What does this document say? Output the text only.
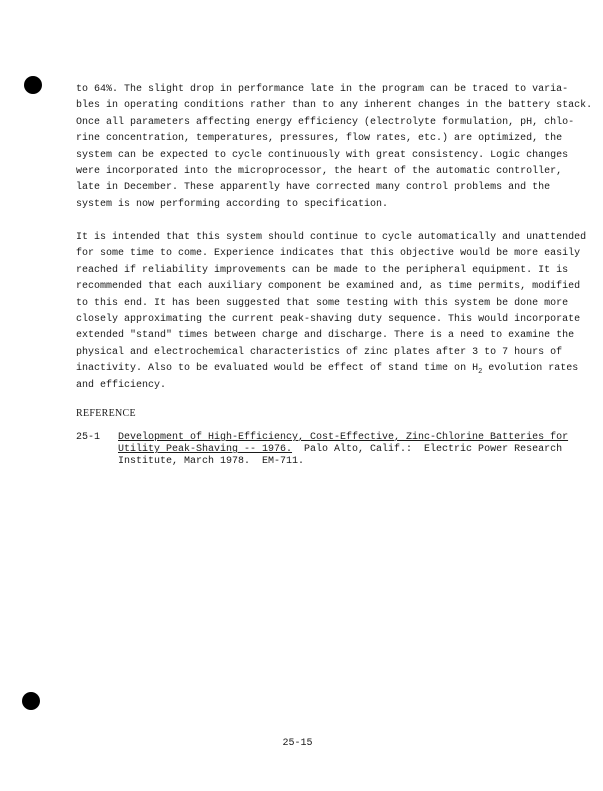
to 64%. The slight drop in performance late in the program can be traced to varia-
bles in operating conditions rather than to any inherent changes in the battery stack.
Once all parameters affecting energy efficiency (electrolyte formulation, pH, chlo-
rine concentration, temperatures, pressures, flow rates, etc.) are optimized, the
system can be expected to cycle continuously with great consistency. Logic changes
were incorporated into the microprocessor, the heart of the automatic controller,
late in December. These apparently have corrected many control problems and the
system is now performing according to specification.
It is intended that this system should continue to cycle automatically and unattended
for some time to come. Experience indicates that this objective would be more easily
reached if reliability improvements can be made to the peripheral equipment. It is
recommended that each auxiliary component be examined and, as time permits, modified
to this end. It has been suggested that some testing with this system be done more
closely approximating the current peak-shaving duty sequence. This would incorporate
extended "stand" times between charge and discharge. There is a need to examine the
physical and electrochemical characteristics of zinc plates after 3 to 7 hours of
inactivity. Also to be evaluated would be effect of stand time on $H_2$ evolution rates
and efficiency.
REFERENCE
25-1 Development of High-Efficiency, Cost-Effective, Zinc-Chlorine Batteries for
Utility Peak-Shaving -- 1976.  Palo Alto, Calif.:  Electric Power Research
Institute, March 1978.  EM-711.
25-15
